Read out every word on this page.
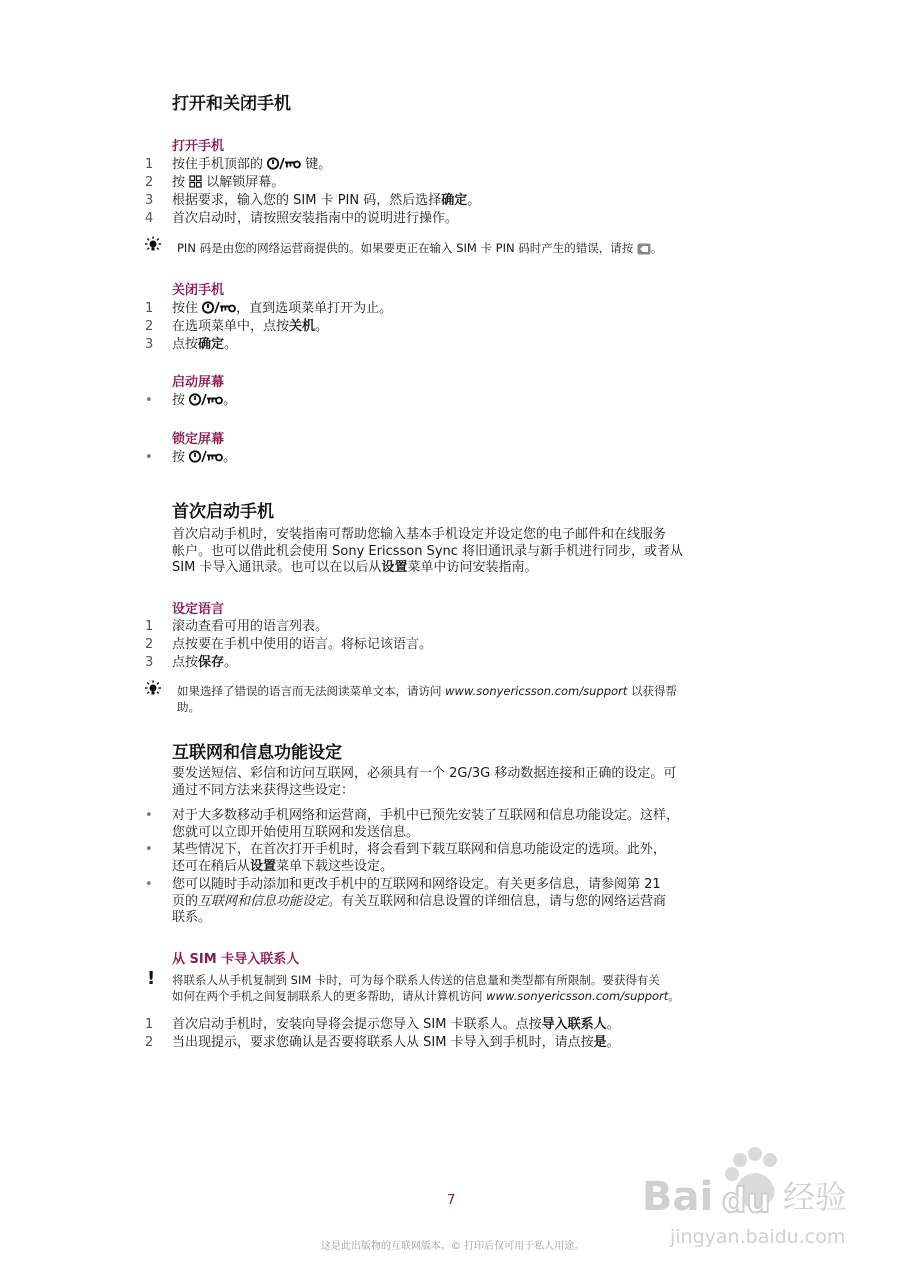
打开和关闭手机
打开手机
1 按住手机顶部的	键。
2 按  以解锁屏幕。
3 根据要求，输入您的 SIM 卡 PIN 码，然后选择确定。
4 首次启动时，请按照安装指南中的说明进行操作。
PIN 码是由您的网络运营商提供的。如果要更正在输入 SIM 卡 PIN 码时产生的错误，请按 。
关闭手机
1 按住	，直到选项菜单打开为止。
2 在选项菜单中，点按关机。
3 点按确定。
启动屏幕
• 按	。
锁定屏幕
• 按	。
首次启动手机
首次启动手机时，安装指南可帮助您输入基本手机设定并设定您的电子邮件和在线服务
帐户。也可以借此机会使用 Sony Ericsson Sync 将旧通讯录与新手机进行同步，或者从
SIM 卡导入通讯录。也可以在以后从设置菜单中访问安装指南。
设定语言
1 滚动查看可用的语言列表。
2 点按要在手机中使用的语言。将标记该语言。
3 点按保存。
如果选择了错误的语言而无法阅读菜单文本，请访问 www.sonyericsson.com/support 以获得帮
助。
互联网和信息功能设定
要发送短信、彩信和访问互联网，必须具有一个 2G/3G 移动数据连接和正确的设定。可
通过不同方法来获得这些设定：
• 对于大多数移动手机网络和运营商，手机中已预先安装了互联网和信息功能设定。这样，
您就可以立即开始使用互联网和发送信息。
• 某些情况下，在首次打开手机时，将会看到下载互联网和信息功能设定的选项。此外，
还可在稍后从设置菜单下载这些设定。
• 您可以随时手动添加和更改手机中的互联网和网络设定。有关更多信息，请参阅第 21
页的互联网和信息功能设定。有关互联网和信息设置的详细信息，请与您的网络运营商
联系。
从 SIM 卡导入联系人
! 将联系人从手机复制到 SIM 卡时，可为每个联系人传送的信息量和类型都有所限制。要获得有关
如何在两个手机之间复制联系人的更多帮助，请从计算机访问 www.sonyericsson.com/support。
1 首次启动手机时，安装向导将会提示您导入 SIM 卡联系人。点按导入联系人。
2 当出现提示，要求您确认是否要将联系人从 SIM 卡导入到手机时，请点按是。
7
这是此出版物的互联网版本。© 打印后仅可用于私人用途。
Bai du 经验
jingyan.baidu.com
